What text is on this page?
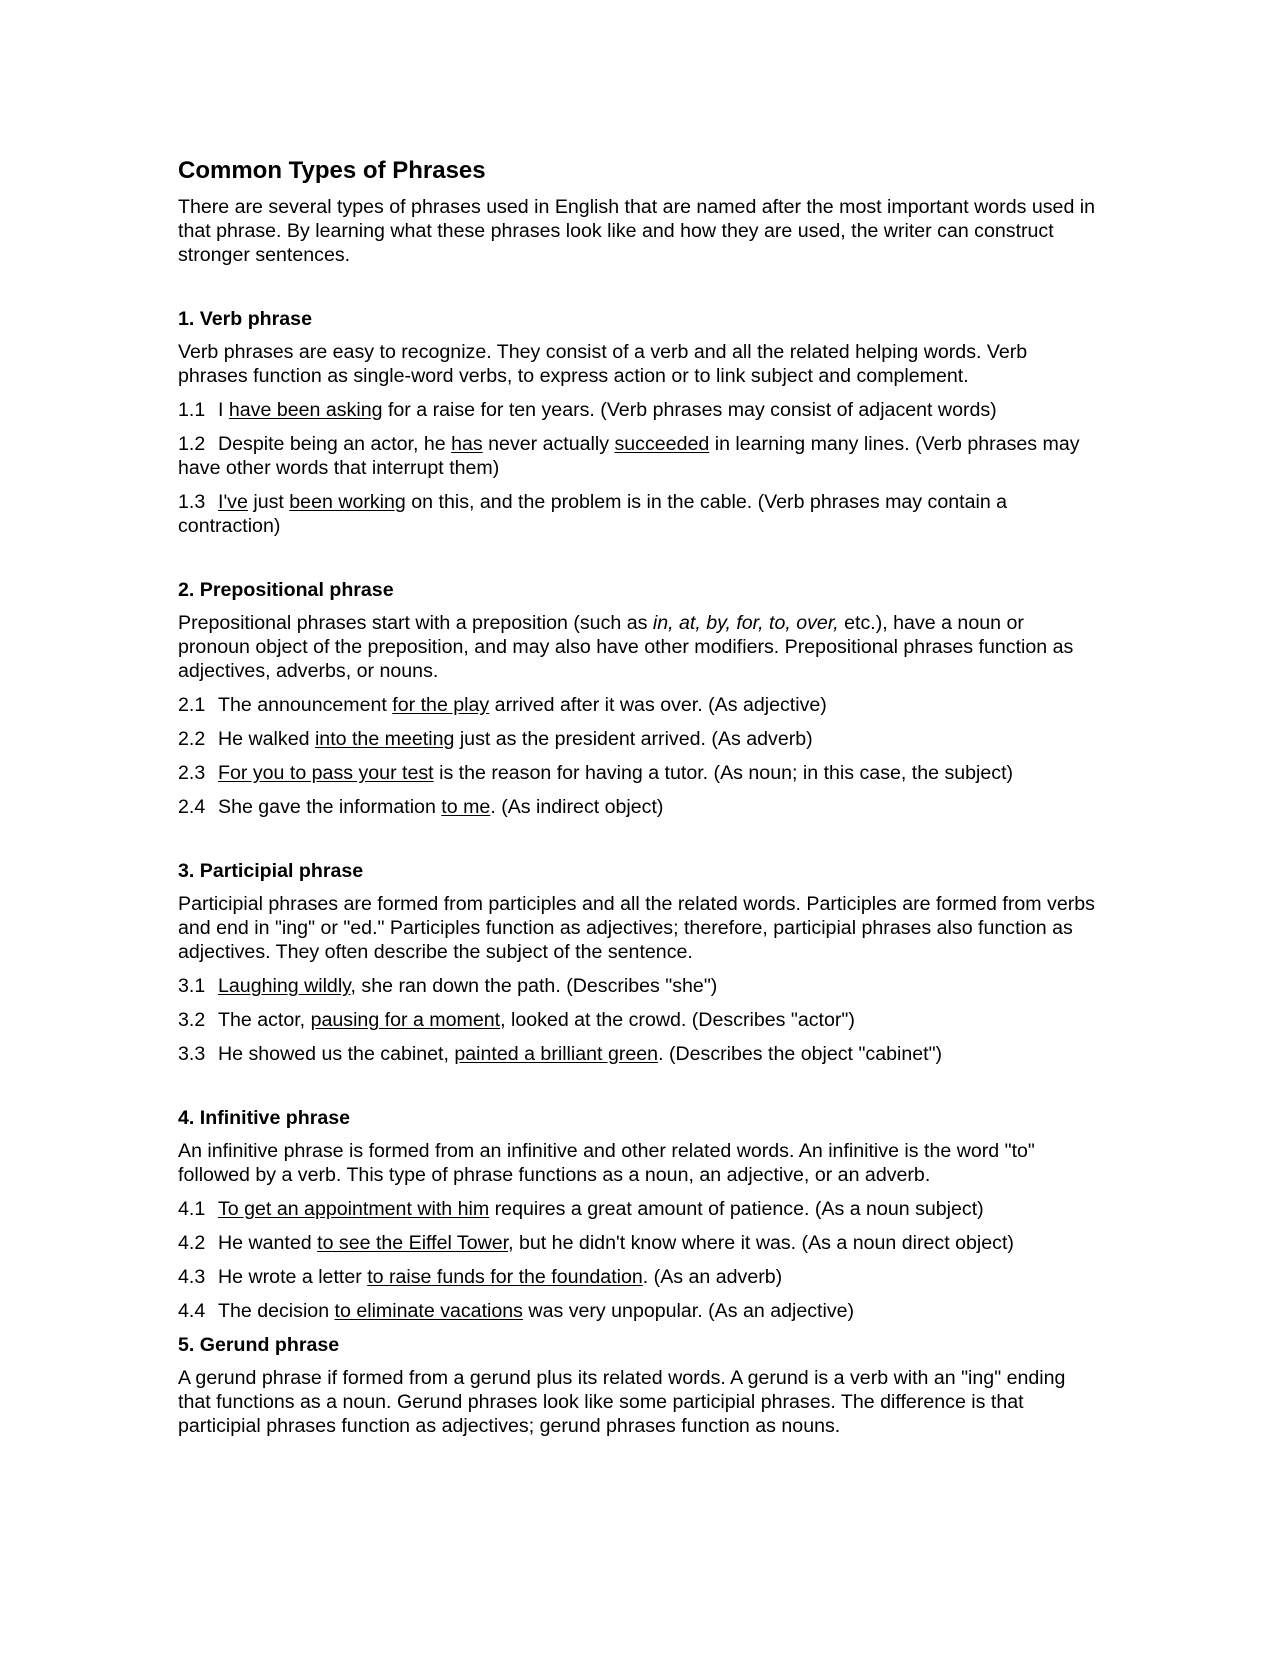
Common Types of Phrases

There are several types of phrases used in English that are named after the most important words used in that phrase. By learning what these phrases look like and how they are used, the writer can construct stronger sentences.

1. Verb phrase

Verb phrases are easy to recognize. They consist of a verb and all the related helping words. Verb phrases function as single-word verbs, to express action or to link subject and complement.

1.1 I have been asking for a raise for ten years. (Verb phrases may consist of adjacent words)

1.2 Despite being an actor, he has never actually succeeded in learning many lines. (Verb phrases may have other words that interrupt them)

1.3 I've just been working on this, and the problem is in the cable. (Verb phrases may contain a contraction)

2. Prepositional phrase

Prepositional phrases start with a preposition (such as in, at, by, for, to, over, etc.), have a noun or pronoun object of the preposition, and may also have other modifiers. Prepositional phrases function as adjectives, adverbs, or nouns.

2.1 The announcement for the play arrived after it was over. (As adjective)

2.2 He walked into the meeting just as the president arrived. (As adverb)

2.3 For you to pass your test is the reason for having a tutor. (As noun; in this case, the subject)

2.4 She gave the information to me. (As indirect object)

3. Participial phrase

Participial phrases are formed from participles and all the related words. Participles are formed from verbs and end in "ing" or "ed." Participles function as adjectives; therefore, participial phrases also function as adjectives. They often describe the subject of the sentence.

3.1 Laughing wildly, she ran down the path. (Describes "she")

3.2 The actor, pausing for a moment, looked at the crowd. (Describes "actor")

3.3 He showed us the cabinet, painted a brilliant green. (Describes the object "cabinet")

4. Infinitive phrase

An infinitive phrase is formed from an infinitive and other related words. An infinitive is the word "to" followed by a verb. This type of phrase functions as a noun, an adjective, or an adverb.

4.1 To get an appointment with him requires a great amount of patience. (As a noun subject)

4.2 He wanted to see the Eiffel Tower, but he didn't know where it was. (As a noun direct object)

4.3 He wrote a letter to raise funds for the foundation. (As an adverb)

4.4 The decision to eliminate vacations was very unpopular. (As an adjective)

5. Gerund phrase

A gerund phrase if formed from a gerund plus its related words. A gerund is a verb with an "ing" ending that functions as a noun. Gerund phrases look like some participial phrases. The difference is that participial phrases function as adjectives; gerund phrases function as nouns.
